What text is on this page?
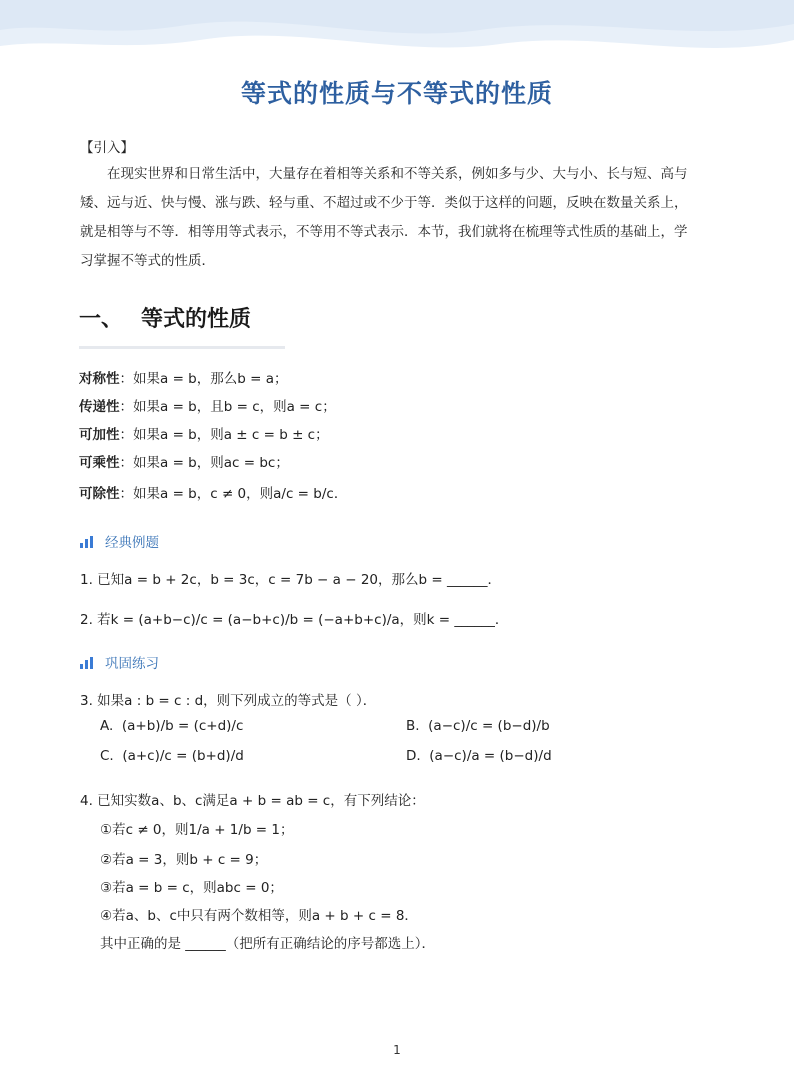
等式的性质与不等式的性质
【引入】
在现实世界和日常生活中，大量存在着相等关系和不等关系，例如多与少、大与小、长与短、高与
矮、远与近、快与慢、涨与跌、轻与重、不超过或不少于等．类似于这样的问题，反映在数量关系上，
就是相等与不等．相等用等式表示，不等用不等式表示．本节，我们就将在梳理等式性质的基础上，学
习掌握不等式的性质．
一、 等式的性质
对称性：如果a = b，那么b = a；
传递性：如果a = b，且b = c，则a = c；
可加性：如果a = b，则a ± c = b ± c；
可乘性：如果a = b，则ac = bc；
可除性：如果a = b，c ≠ 0，则a/c = b/c．
经典例题
1. 已知a = b + 2c，b = 3c，c = 7b − a − 20，那么b = ______．
2. 若k = (a+b−c)/c = (a−b+c)/b = (−a+b+c)/a，则k = ______．
巩固练习
3. 如果a : b = c : d，则下列成立的等式是（ ）．
A. (a+b)/b = (c+d)/c	B. (a−c)/c = (b−d)/b
C. (a+c)/c = (b+d)/d	D. (a−c)/a = (b−d)/d
4. 已知实数a、b、c满足a + b = ab = c，有下列结论：
①若c ≠ 0，则1/a + 1/b = 1；
②若a = 3，则b + c = 9；
③若a = b = c，则abc = 0；
④若a、b、c中只有两个数相等，则a + b + c = 8．
其中正确的是 ______（把所有正确结论的序号都选上）．
1
